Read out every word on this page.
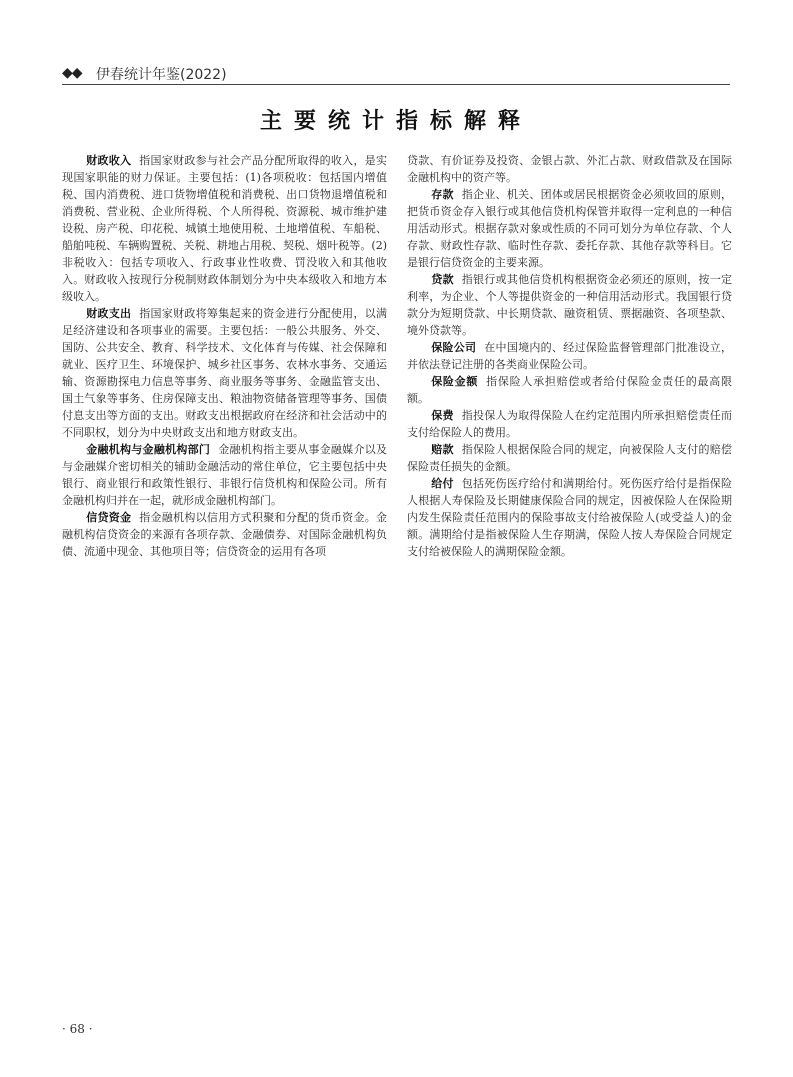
◆◆ 伊春统计年鉴(2022)
主要统计指标解释

财政收入 指国家财政参与社会产品分配所取得的收入，是实现国家职能的财力保证。主要包括：(1)各项税收：包括国内增值税、国内消费税、进口货物增值税和消费税、出口货物退增值税和消费税、营业税、企业所得税、个人所得税、资源税、城市维护建设税、房产税、印花税、城镇土地使用税、土地增值税、车船税、船舶吨税、车辆购置税、关税、耕地占用税、契税、烟叶税等。(2)非税收入：包括专项收入、行政事业性收费、罚没收入和其他收入。财政收入按现行分税制财政体制划分为中央本级收入和地方本级收入。

财政支出 指国家财政将筹集起来的资金进行分配使用，以满足经济建设和各项事业的需要。主要包括：一般公共服务、外交、国防、公共安全、教育、科学技术、文化体育与传媒、社会保障和就业、医疗卫生、环境保护、城乡社区事务、农林水事务、交通运输、资源勘探电力信息等事务、商业服务等事务、金融监管支出、国土气象等事务、住房保障支出、粮油物资储备管理等事务、国债付息支出等方面的支出。财政支出根据政府在经济和社会活动中的不同职权，划分为中央财政支出和地方财政支出。

金融机构与金融机构部门 金融机构指主要从事金融媒介以及与金融媒介密切相关的辅助金融活动的常住单位，它主要包括中央银行、商业银行和政策性银行、非银行信贷机构和保险公司。所有金融机构归并在一起，就形成金融机构部门。

信贷资金 指金融机构以信用方式积聚和分配的货币资金。金融机构信贷资金的来源有各项存款、金融债券、对国际金融机构负债、流通中现金、其他项目等；信贷资金的运用有各项

贷款、有价证券及投资、金银占款、外汇占款、财政借款及在国际金融机构中的资产等。

存款 指企业、机关、团体或居民根据资金必须收回的原则，把货币资金存入银行或其他信贷机构保管并取得一定利息的一种信用活动形式。根据存款对象或性质的不同可划分为单位存款、个人存款、财政性存款、临时性存款、委托存款、其他存款等科目。它是银行信贷资金的主要来源。

贷款 指银行或其他信贷机构根据资金必须还的原则，按一定利率，为企业、个人等提供资金的一种信用活动形式。我国银行贷款分为短期贷款、中长期贷款、融资租赁、票据融资、各项垫款、境外贷款等。

保险公司 在中国境内的、经过保险监督管理部门批准设立，并依法登记注册的各类商业保险公司。

保险金额 指保险人承担赔偿或者给付保险金责任的最高限额。

保费 指投保人为取得保险人在约定范围内所承担赔偿责任而支付给保险人的费用。

赔款 指保险人根据保险合同的规定，向被保险人支付的赔偿保险责任损失的金额。

给付 包括死伤医疗给付和满期给付。死伤医疗给付是指保险人根据人寿保险及长期健康保险合同的规定，因被保险人在保险期内发生保险责任范围内的保险事故支付给被保险人(或受益人)的金额。满期给付是指被保险人生存期满，保险人按人寿保险合同规定支付给被保险人的满期保险金额。

· 68 ·
